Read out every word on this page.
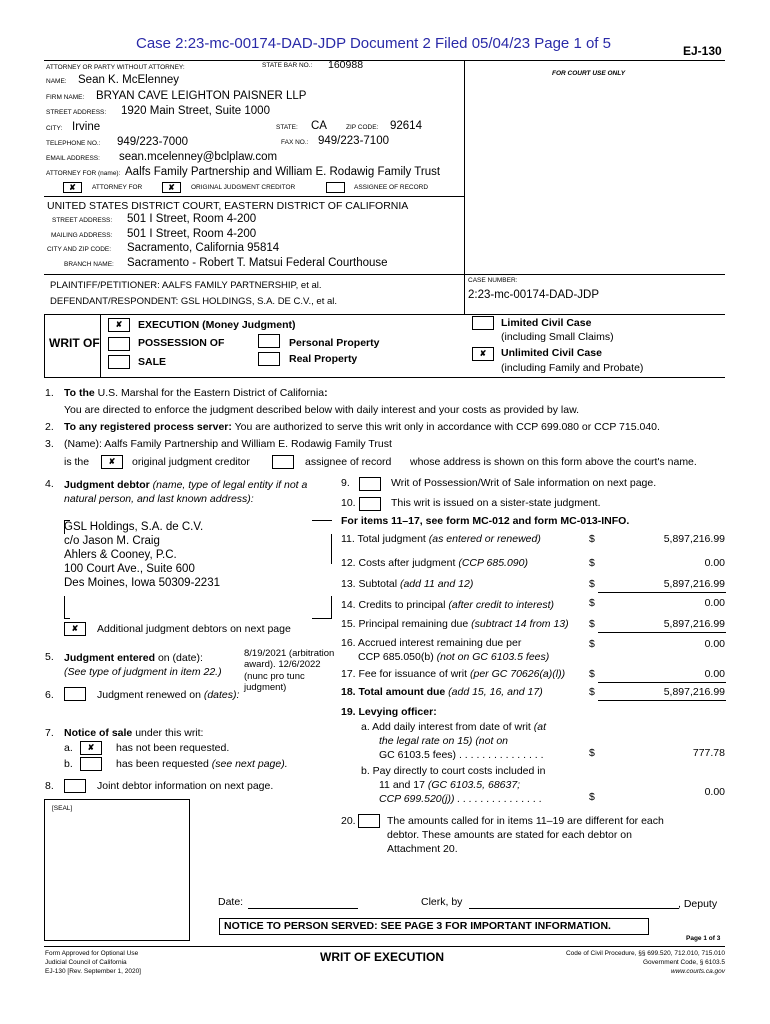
Case 2:23-mc-00174-DAD-JDP Document 2 Filed 05/04/23 Page 1 of 5	EJ-130
FOR COURT USE ONLY
ATTORNEY OR PARTY WITHOUT ATTORNEY:	STATE BAR NO.: 160988
NAME: Sean K. McElenney
FIRM NAME: BRYAN CAVE LEIGHTON PAISNER LLP
STREET ADDRESS: 1920 Main Street, Suite 1000
CITY: Irvine	STATE: CA	ZIP CODE: 92614
TELEPHONE NO.: 949/223-7000	FAX NO.: 949/223-7100
EMAIL ADDRESS: sean.mcelenney@bclplaw.com
ATTORNEY FOR (name): Aalfs Family Partnership and William E. Rodawig Family Trust
✘	ATTORNEY FOR	✘	ORIGINAL JUDGMENT CREDITOR	ASSIGNEE OF RECORD
UNITED STATES DISTRICT COURT, EASTERN DISTRICT OF CALIFORNIA
STREET ADDRESS: 501 I Street, Room 4-200
MAILING ADDRESS: 501 I Street, Room 4-200
CITY AND ZIP CODE: Sacramento, California 95814
BRANCH NAME: Sacramento - Robert T. Matsui Federal Courthouse
PLAINTIFF/PETITIONER: AALFS FAMILY PARTNERSHIP, et al.
DEFENDANT/RESPONDENT: GSL HOLDINGS, S.A. DE C.V., et al.
CASE NUMBER:
2:23-mc-00174-DAD-JDP
WRIT OF
✘	EXECUTION (Money Judgment)
POSSESSION OF	Personal Property
Real Property
SALE
Limited Civil Case
(including Small Claims)
✘	Unlimited Civil Case
(including Family and Probate)
1. To the U.S. Marshal for the Eastern District of California:
You are directed to enforce the judgment described below with daily interest and your costs as provided by law.
2. To any registered process server: You are authorized to serve this writ only in accordance with CCP 699.080 or CCP 715.040.
3. (Name): Aalfs Family Partnership and William E. Rodawig Family Trust
is the	✘	original judgment creditor	assignee of record whose address is shown on this form above the court's name.
4. Judgment debtor (name, type of legal entity if not a
natural person, and last known address):
GSL Holdings, S.A. de C.V.
c/o Jason M. Craig
Ahlers & Cooney, P.C.
100 Court Ave., Suite 600
Des Moines, Iowa 50309-2231
✘	Additional judgment debtors on next page
5. Judgment entered on (date):
(See type of judgment in item 22.)
8/19/2021 (arbitration
award). 12/6/2022
(nunc pro tunc
judgment)
6.	Judgment renewed on (dates):
7. Notice of sale under this writ:
a.	✘	has not been requested.
b.	has been requested (see next page).
8.	Joint debtor information on next page.
[SEAL]
9.	Writ of Possession/Writ of Sale information on next page.
10.	This writ is issued on a sister-state judgment.
For items 11–17, see form MC-012 and form MC-013-INFO.
11. Total judgment (as entered or renewed)	$	5,897,216.99
12. Costs after judgment (CCP 685.090)	$	0.00
13. Subtotal (add 11 and 12)	$	5,897,216.99
14. Credits to principal (after credit to interest)	$	0.00
15. Principal remaining due (subtract 14 from 13) $	5,897,216.99
16. Accrued interest remaining due per
CCP 685.050(b) (not on GC 6103.5 fees)
$	0.00
17. Fee for issuance of writ (per GC 70626(a)(l)) $	0.00
18. Total amount due (add 15, 16, and 17)	$	5,897,216.99
19. Levying officer:
a. Add daily interest from date of writ (at
the legal rate on 15) (not on
GC 6103.5 fees) . . . . . . . . . . . . . . .	$	777.78
b. Pay directly to court costs included in
11 and 17 (GC 6103.5, 68637;
CCP 699.520(j)) . . . . . . . . . . . . . . .	$	0.00
20.	The amounts called for in items 11–19 are different for each
debtor. These amounts are stated for each debtor on
Attachment 20.
Date:	Clerk, by	, Deputy
NOTICE TO PERSON SERVED: SEE PAGE 3 FOR IMPORTANT INFORMATION.
Page 1 of 3
Form Approved for Optional Use
Judicial Council of California
EJ-130 [Rev. September 1, 2020]
WRIT OF EXECUTION	Code of Civil Procedure, §§ 699.520, 712.010, 715.010
Government Code, § 6103.5
www.courts.ca.gov
